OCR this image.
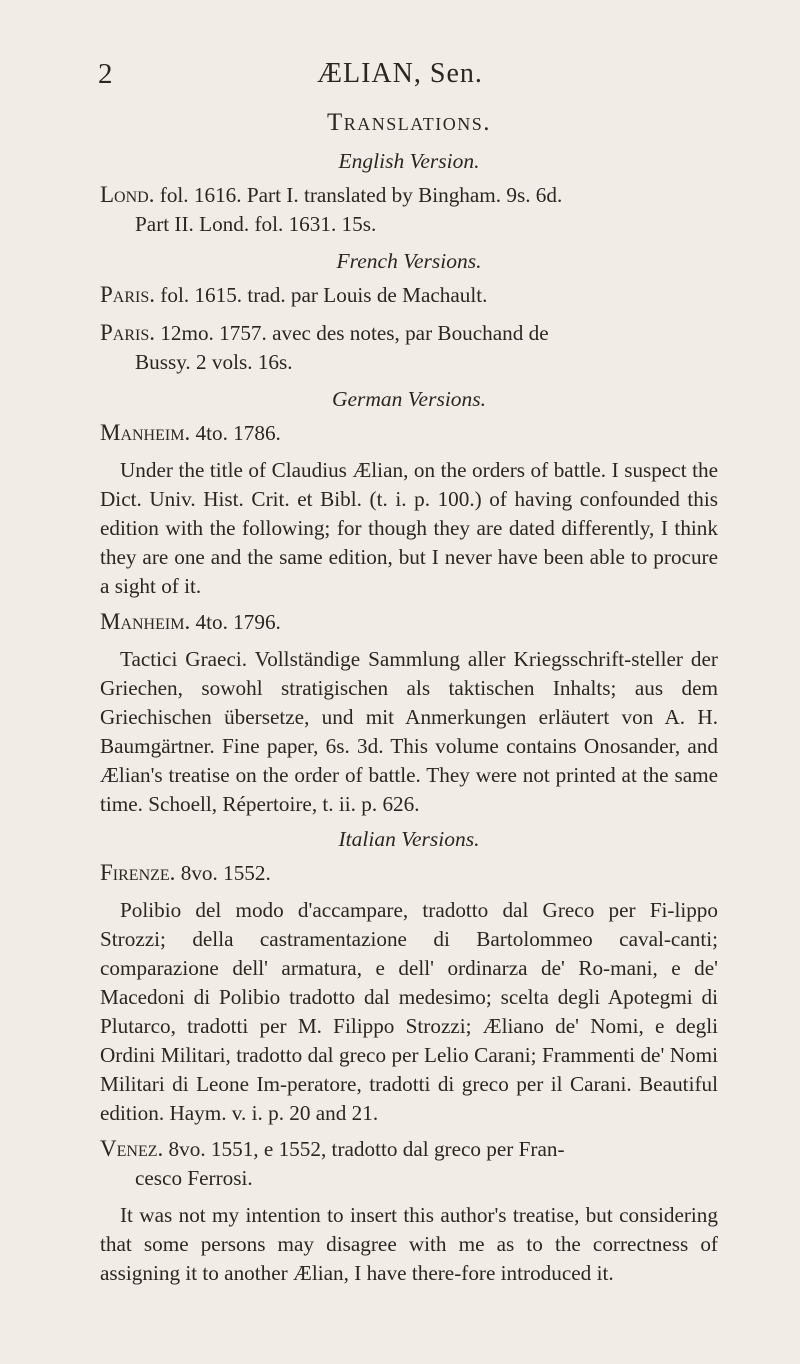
2	ÆLIAN, Sen.
Translations.
English Version.
Lond. fol. 1616. Part I. translated by Bingham. 9s. 6d.
Part II. Lond. fol. 1631. 15s.
French Versions.
Paris. fol. 1615. trad. par Louis de Machault.
Paris. 12mo. 1757. avec des notes, par Bouchand de
Bussy. 2 vols. 16s.
German Versions.
Manheim. 4to. 1786.

Under the title of Claudius Ælian, on the orders of battle. I suspect the Dict. Univ. Hist. Crit. et Bibl. (t. i. p. 100.) of having confounded this edition with the following; for though they are dated differently, I think they are one and the same edition, but I never have been able to procure a sight of it.

Manheim. 4to. 1796.

Tactici Graeci. Vollständige Sammlung aller Kriegsschrift-steller der Griechen, sowohl stratigischen als taktischen Inhalts; aus dem Griechischen übersetze, und mit Anmerkungen erläutert von A. H. Baumgärtner. Fine paper, 6s. 3d. This volume contains Onosander, and Ælian's treatise on the order of battle. They were not printed at the same time. Schoell, Répertoire, t. ii. p. 626.

Italian Versions.
Firenze. 8vo. 1552.

Polibio del modo d'accampare, tradotto dal Greco per Fi-lippo Strozzi; della castramentazione di Bartolommeo caval-canti; comparazione dell' armatura, e dell' ordinarza de' Ro-mani, e de' Macedoni di Polibio tradotto dal medesimo; scelta degli Apotegmi di Plutarco, tradotti per M. Filippo Strozzi; Æliano de' Nomi, e degli Ordini Militari, tradotto dal greco per Lelio Carani; Frammenti de' Nomi Militari di Leone Im-peratore, tradotti di greco per il Carani. Beautiful edition. Haym. v. i. p. 20 and 21.

Venez. 8vo. 1551, e 1552, tradotto dal greco per Fran-
cesco Ferrosi.

It was not my intention to insert this author's treatise, but considering that some persons may disagree with me as to the correctness of assigning it to another Ælian, I have there-fore introduced it.
